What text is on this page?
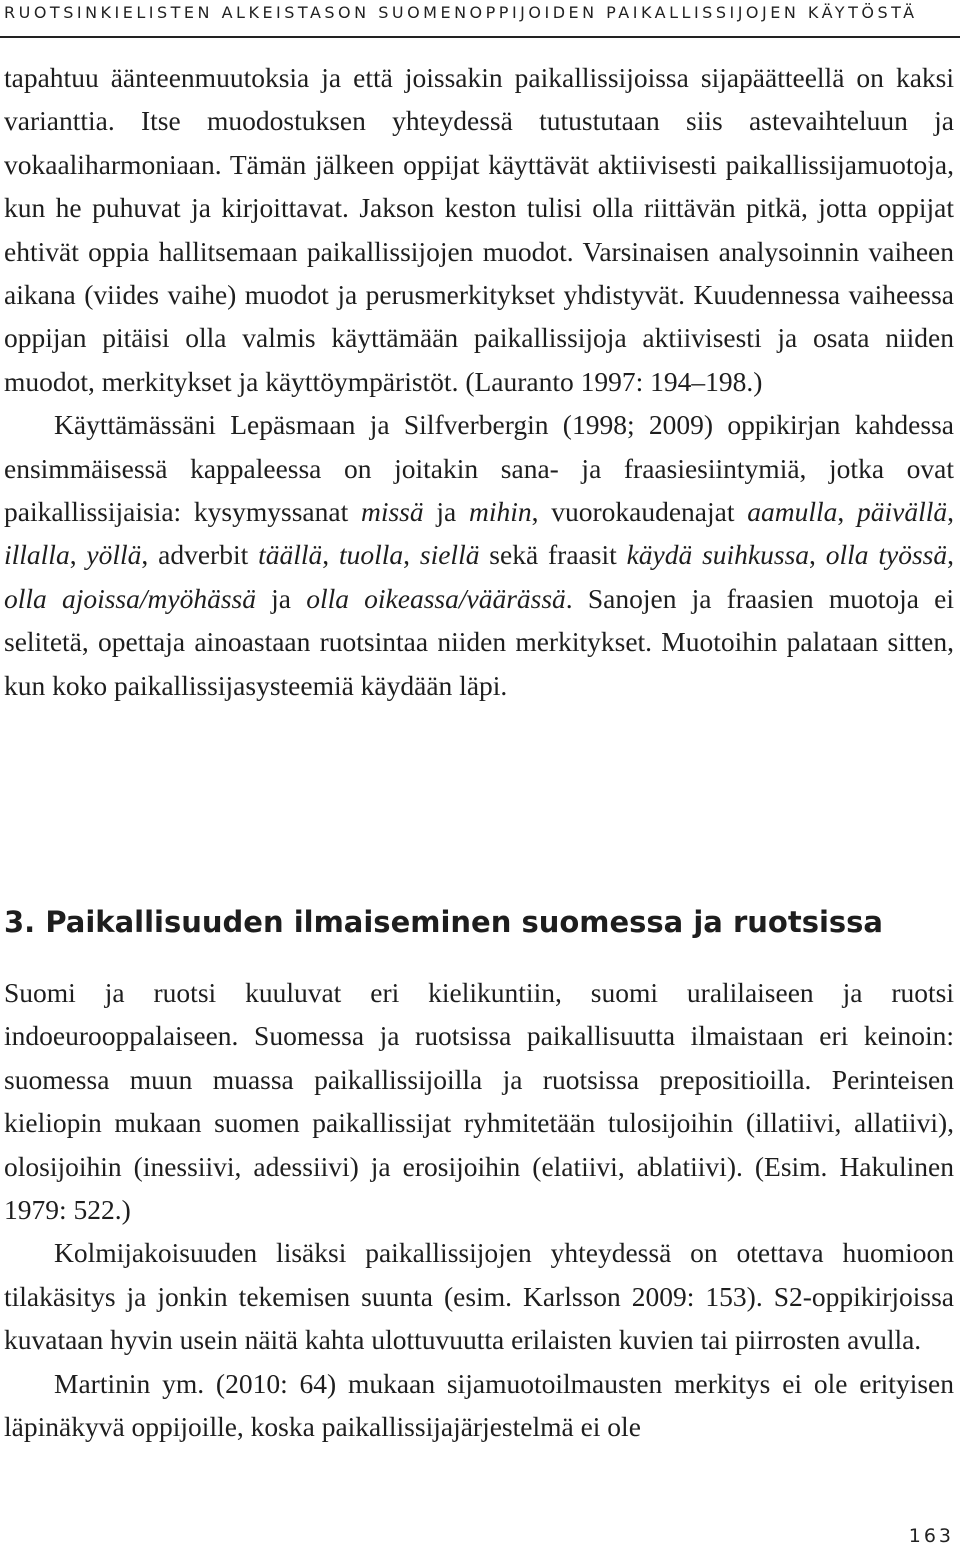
RUOTSINKIELISTEN ALKEISTASON SUOMENOPPIJOIDEN PAIKALLISSIJOJEN KÄYTÖSTÄ

tapahtuu äänteenmuutoksia ja että joissakin paikallissijoissa sijapäätteellä on kaksi varianttia. Itse muodostuksen yhteydessä tutustutaan siis astevaihteluun ja vokaaliharmoniaan. Tämän jälkeen oppijat käyttävät aktiivisesti paikallissijamuotoja, kun he puhuvat ja kirjoittavat. Jakson keston tulisi olla riittävän pitkä, jotta oppijat ehtivät oppia hallitsemaan paikallissijojen muodot. Varsinaisen analysoinnin vaiheen aikana (viides vaihe) muodot ja perusmerkitykset yhdistyvät. Kuudennessa vaiheessa oppijan pitäisi olla valmis käyttämään paikallissijoja aktiivisesti ja osata niiden muodot, merkitykset ja käyttöympäristöt. (Lauranto 1997: 194–198.)

Käyttämässäni Lepäsmaan ja Silfverbergin (1998; 2009) oppikirjan kahdessa ensimmäisessä kappaleessa on joitakin sana- ja fraasiesiintymiä, jotka ovat paikallissijaisia: kysymyssanat missä ja mihin, vuorokaudenajat aamulla, päivällä, illalla, yöllä, adverbit täällä, tuolla, siellä sekä fraasit käydä suihkussa, olla työssä, olla ajoissa/myöhässä ja olla oikeassa/väärässä. Sanojen ja fraasien muotoja ei selitetä, opettaja ainoastaan ruotsintaa niiden merkitykset. Muotoihin palataan sitten, kun koko paikallissijasysteemiä käydään läpi.

3. Paikallisuuden ilmaiseminen suomessa ja ruotsissa

Suomi ja ruotsi kuuluvat eri kielikuntiin, suomi uralilaiseen ja ruotsi indoeurooppalaiseen. Suomessa ja ruotsissa paikallisuutta ilmaistaan eri keinoin: suomessa muun muassa paikallissijoilla ja ruotsissa prepositioilla. Perinteisen kieliopin mukaan suomen paikallissijat ryhmitetään tulosijoihin (illatiivi, allatiivi), olosijoihin (inessiivi, adessiivi) ja erosijoihin (elatiivi, ablatiivi). (Esim. Hakulinen 1979: 522.)

Kolmijakoisuuden lisäksi paikallissijojen yhteydessä on otettava huomioon tilakäsitys ja jonkin tekemisen suunta (esim. Karlsson 2009: 153). S2-oppikirjoissa kuvataan hyvin usein näitä kahta ulottuvuutta erilaisten kuvien tai piirrosten avulla.

Martinin ym. (2010: 64) mukaan sijamuotoilmausten merkitys ei ole erityisen läpinäkyvä oppijoille, koska paikallissijajärjestelmä ei ole

163
